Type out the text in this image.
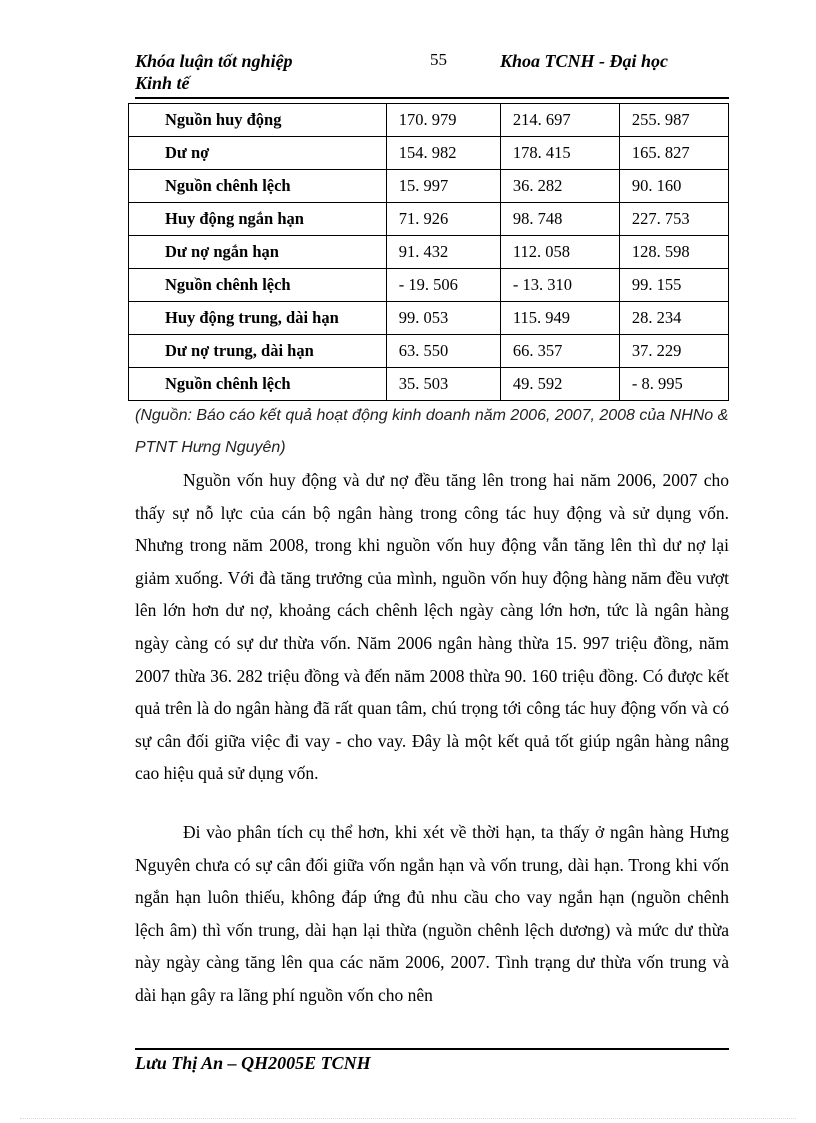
Khóa luận tốt nghiệp
Kinh tế
55	Khoa TCNH - Đại học
Nguồn huy động	170. 979	214. 697	255. 987
Dư nợ	154. 982	178. 415	165. 827
Nguồn chênh lệch	15. 997	36. 282	90. 160
Huy động ngắn hạn	71. 926	98. 748	227. 753
Dư nợ ngắn hạn	91. 432	112. 058	128. 598
Nguồn chênh lệch	- 19. 506	- 13. 310	99. 155
Huy động trung, dài hạn	99. 053	115. 949	28. 234
Dư nợ trung, dài hạn	63. 550	66. 357	37. 229
Nguồn chênh lệch	35. 503	49. 592	- 8. 995
(Nguồn: Báo cáo kết quả hoạt động kinh doanh năm 2006, 2007, 2008 của NHNo & PTNT Hưng Nguyên)

Nguồn vốn huy động và dư nợ đều tăng lên trong hai năm 2006, 2007 cho thấy sự nỗ lực của cán bộ ngân hàng trong công tác huy động và sử dụng vốn. Nhưng trong năm 2008, trong khi nguồn vốn huy động vẫn tăng lên thì dư nợ lại giảm xuống. Với đà tăng trưởng của mình, nguồn vốn huy động hàng năm đều vượt lên lớn hơn dư nợ, khoảng cách chênh lệch ngày càng lớn hơn, tức là ngân hàng ngày càng có sự dư thừa vốn. Năm 2006 ngân hàng thừa 15. 997 triệu đồng, năm 2007 thừa 36. 282 triệu đồng và đến năm 2008 thừa 90. 160 triệu đồng. Có được kết quả trên là do ngân hàng đã rất quan tâm, chú trọng tới công tác huy động vốn và có sự cân đối giữa việc đi vay - cho vay. Đây là một kết quả tốt giúp ngân hàng nâng cao hiệu quả sử dụng vốn.

Đi vào phân tích cụ thể hơn, khi xét về thời hạn, ta thấy ở ngân hàng Hưng Nguyên chưa có sự cân đối giữa vốn ngắn hạn và vốn trung, dài hạn. Trong khi vốn ngắn hạn luôn thiếu, không đáp ứng đủ nhu cầu cho vay ngắn hạn (nguồn chênh lệch âm) thì vốn trung, dài hạn lại thừa (nguồn chênh lệch dương) và mức dư thừa này ngày càng tăng lên qua các năm 2006, 2007. Tình trạng dư thừa vốn trung và dài hạn gây ra lãng phí nguồn vốn cho nên

Lưu Thị An – QH2005E TCNH
